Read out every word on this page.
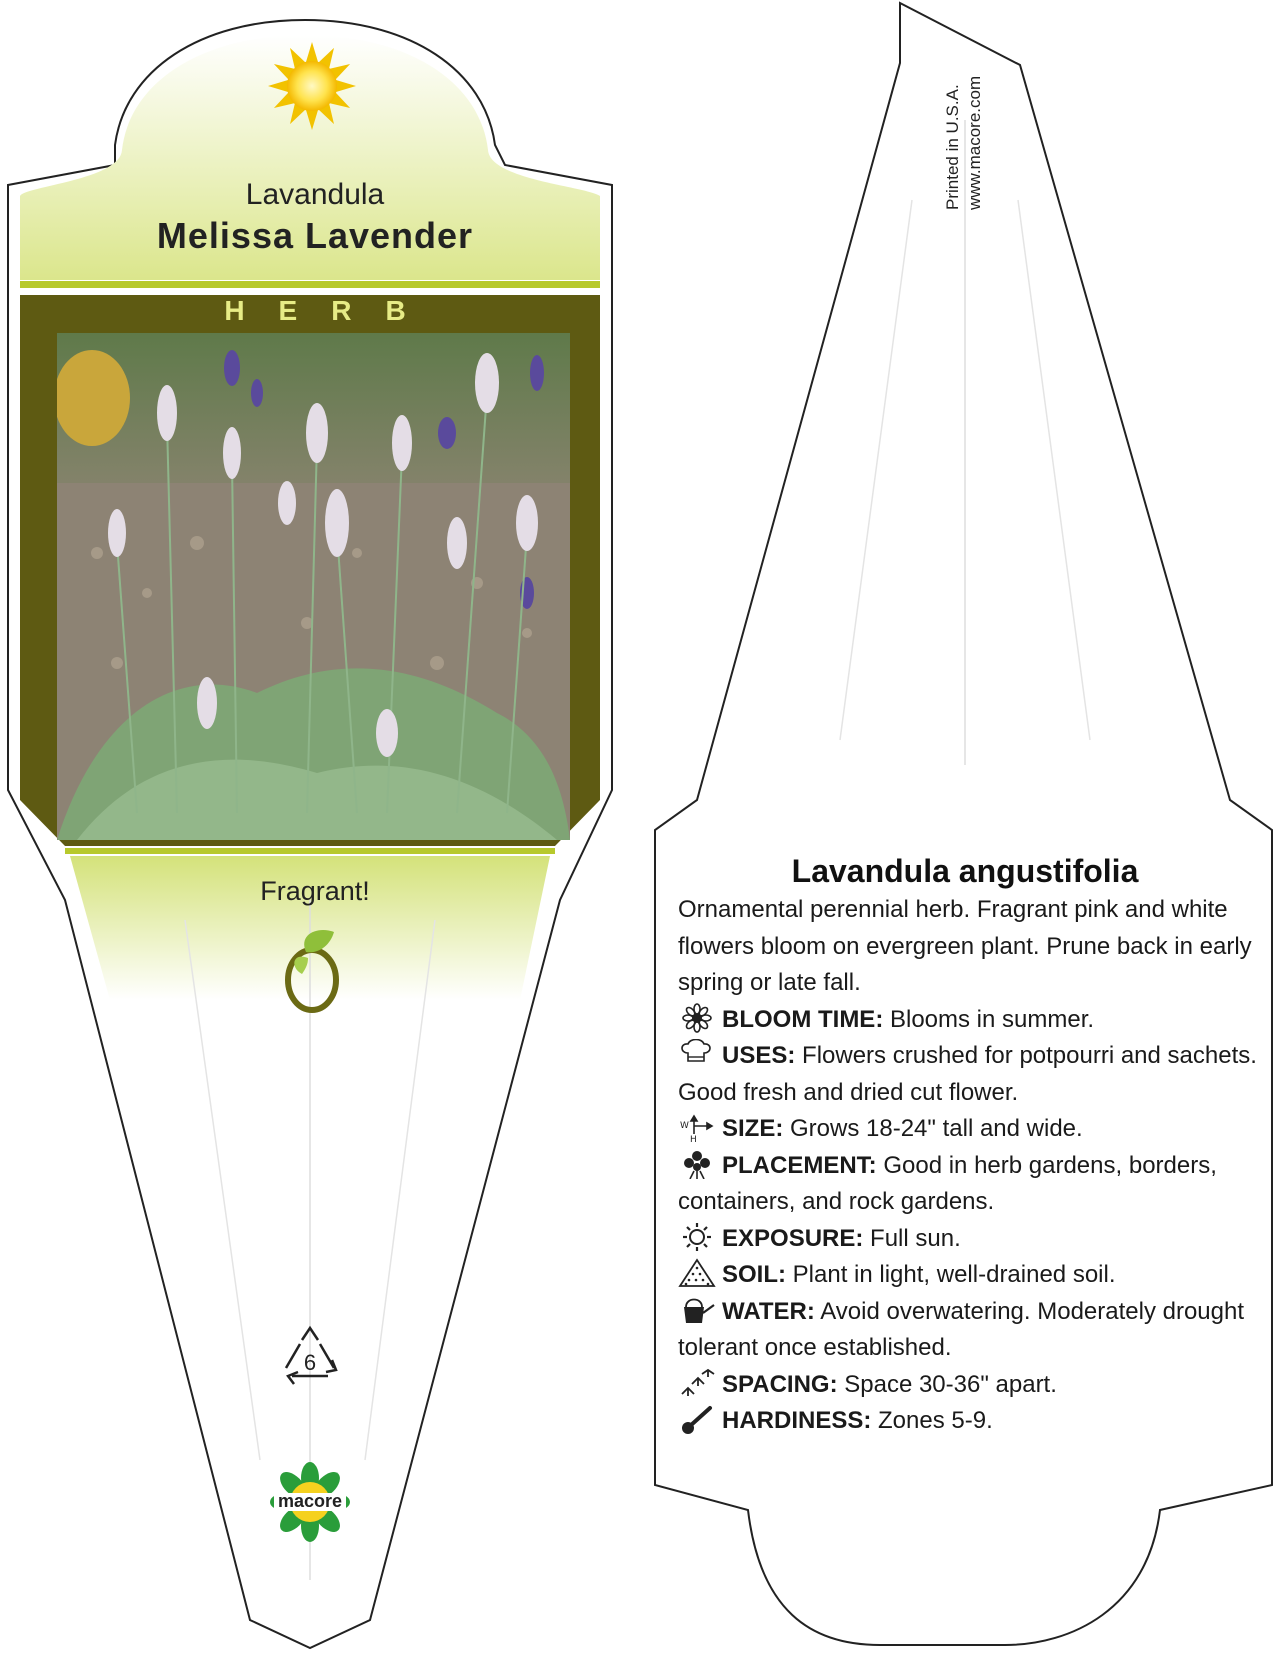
Lavandula
Melissa Lavender
HERB
Fragrant!
6
macore
Printed in U.S.A. www.macore.com
Lavandula angustifolia

Ornamental perennial herb. Fragrant pink and white flowers bloom on evergreen plant. Prune back in early spring or late fall.

BLOOM TIME: Blooms in summer.

USES: Flowers crushed for potpourri and sachets. Good fresh and dried cut flower.

W
H SIZE: Grows 18-24" tall and wide.

PLACEMENT: Good in herb gardens, borders, containers, and rock gardens.

EXPOSURE: Full sun.

SOIL: Plant in light, well-drained soil.

WATER: Avoid overwatering. Moderately drought tolerant once established.

SPACING: Space 30-36" apart.

HARDINESS: Zones 5-9.
